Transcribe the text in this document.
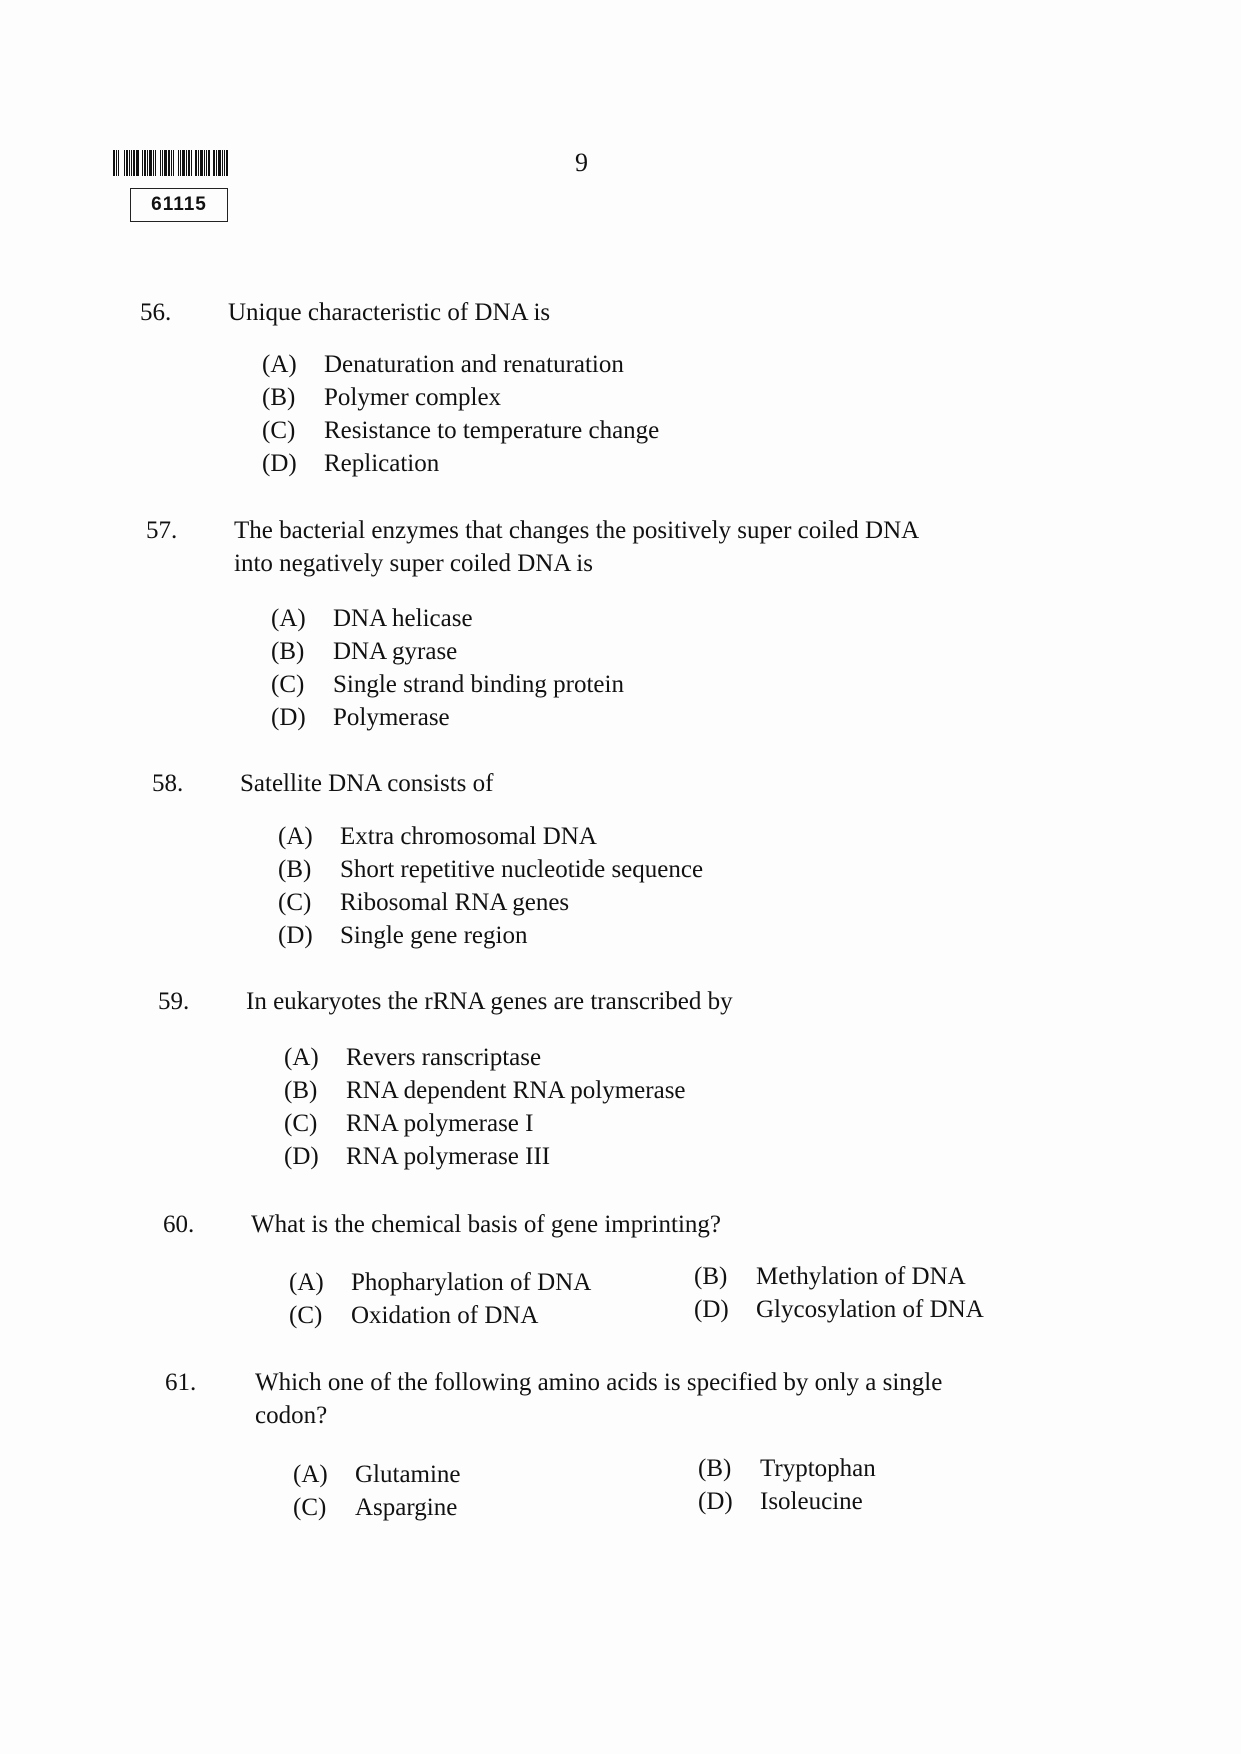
61115
9
56.	Unique characteristic of DNA is
(A) Denaturation and renaturation
(B) Polymer complex
(C) Resistance to temperature change
(D) Replication
57.	The bacterial enzymes that changes the positively super coiled DNA
into negatively super coiled DNA is
(A) DNA helicase
(B) DNA gyrase
(C) Single strand binding protein
(D) Polymerase
58.	Satellite DNA consists of
(A) Extra chromosomal DNA
(B) Short repetitive nucleotide sequence
(C) Ribosomal RNA genes
(D) Single gene region
59.	In eukaryotes the rRNA genes are transcribed by
(A) Revers ranscriptase
(B) RNA dependent RNA polymerase
(C) RNA polymerase I
(D) RNA polymerase III
60.	What is the chemical basis of gene imprinting?
(A) Phopharylation of DNA	(B) Methylation of DNA
(C) Oxidation of DNA	(D) Glycosylation of DNA
61.	Which one of the following amino acids is specified by only a single
codon?
(A) Glutamine	(B) Tryptophan
(C) Aspargine	(D) Isoleucine
